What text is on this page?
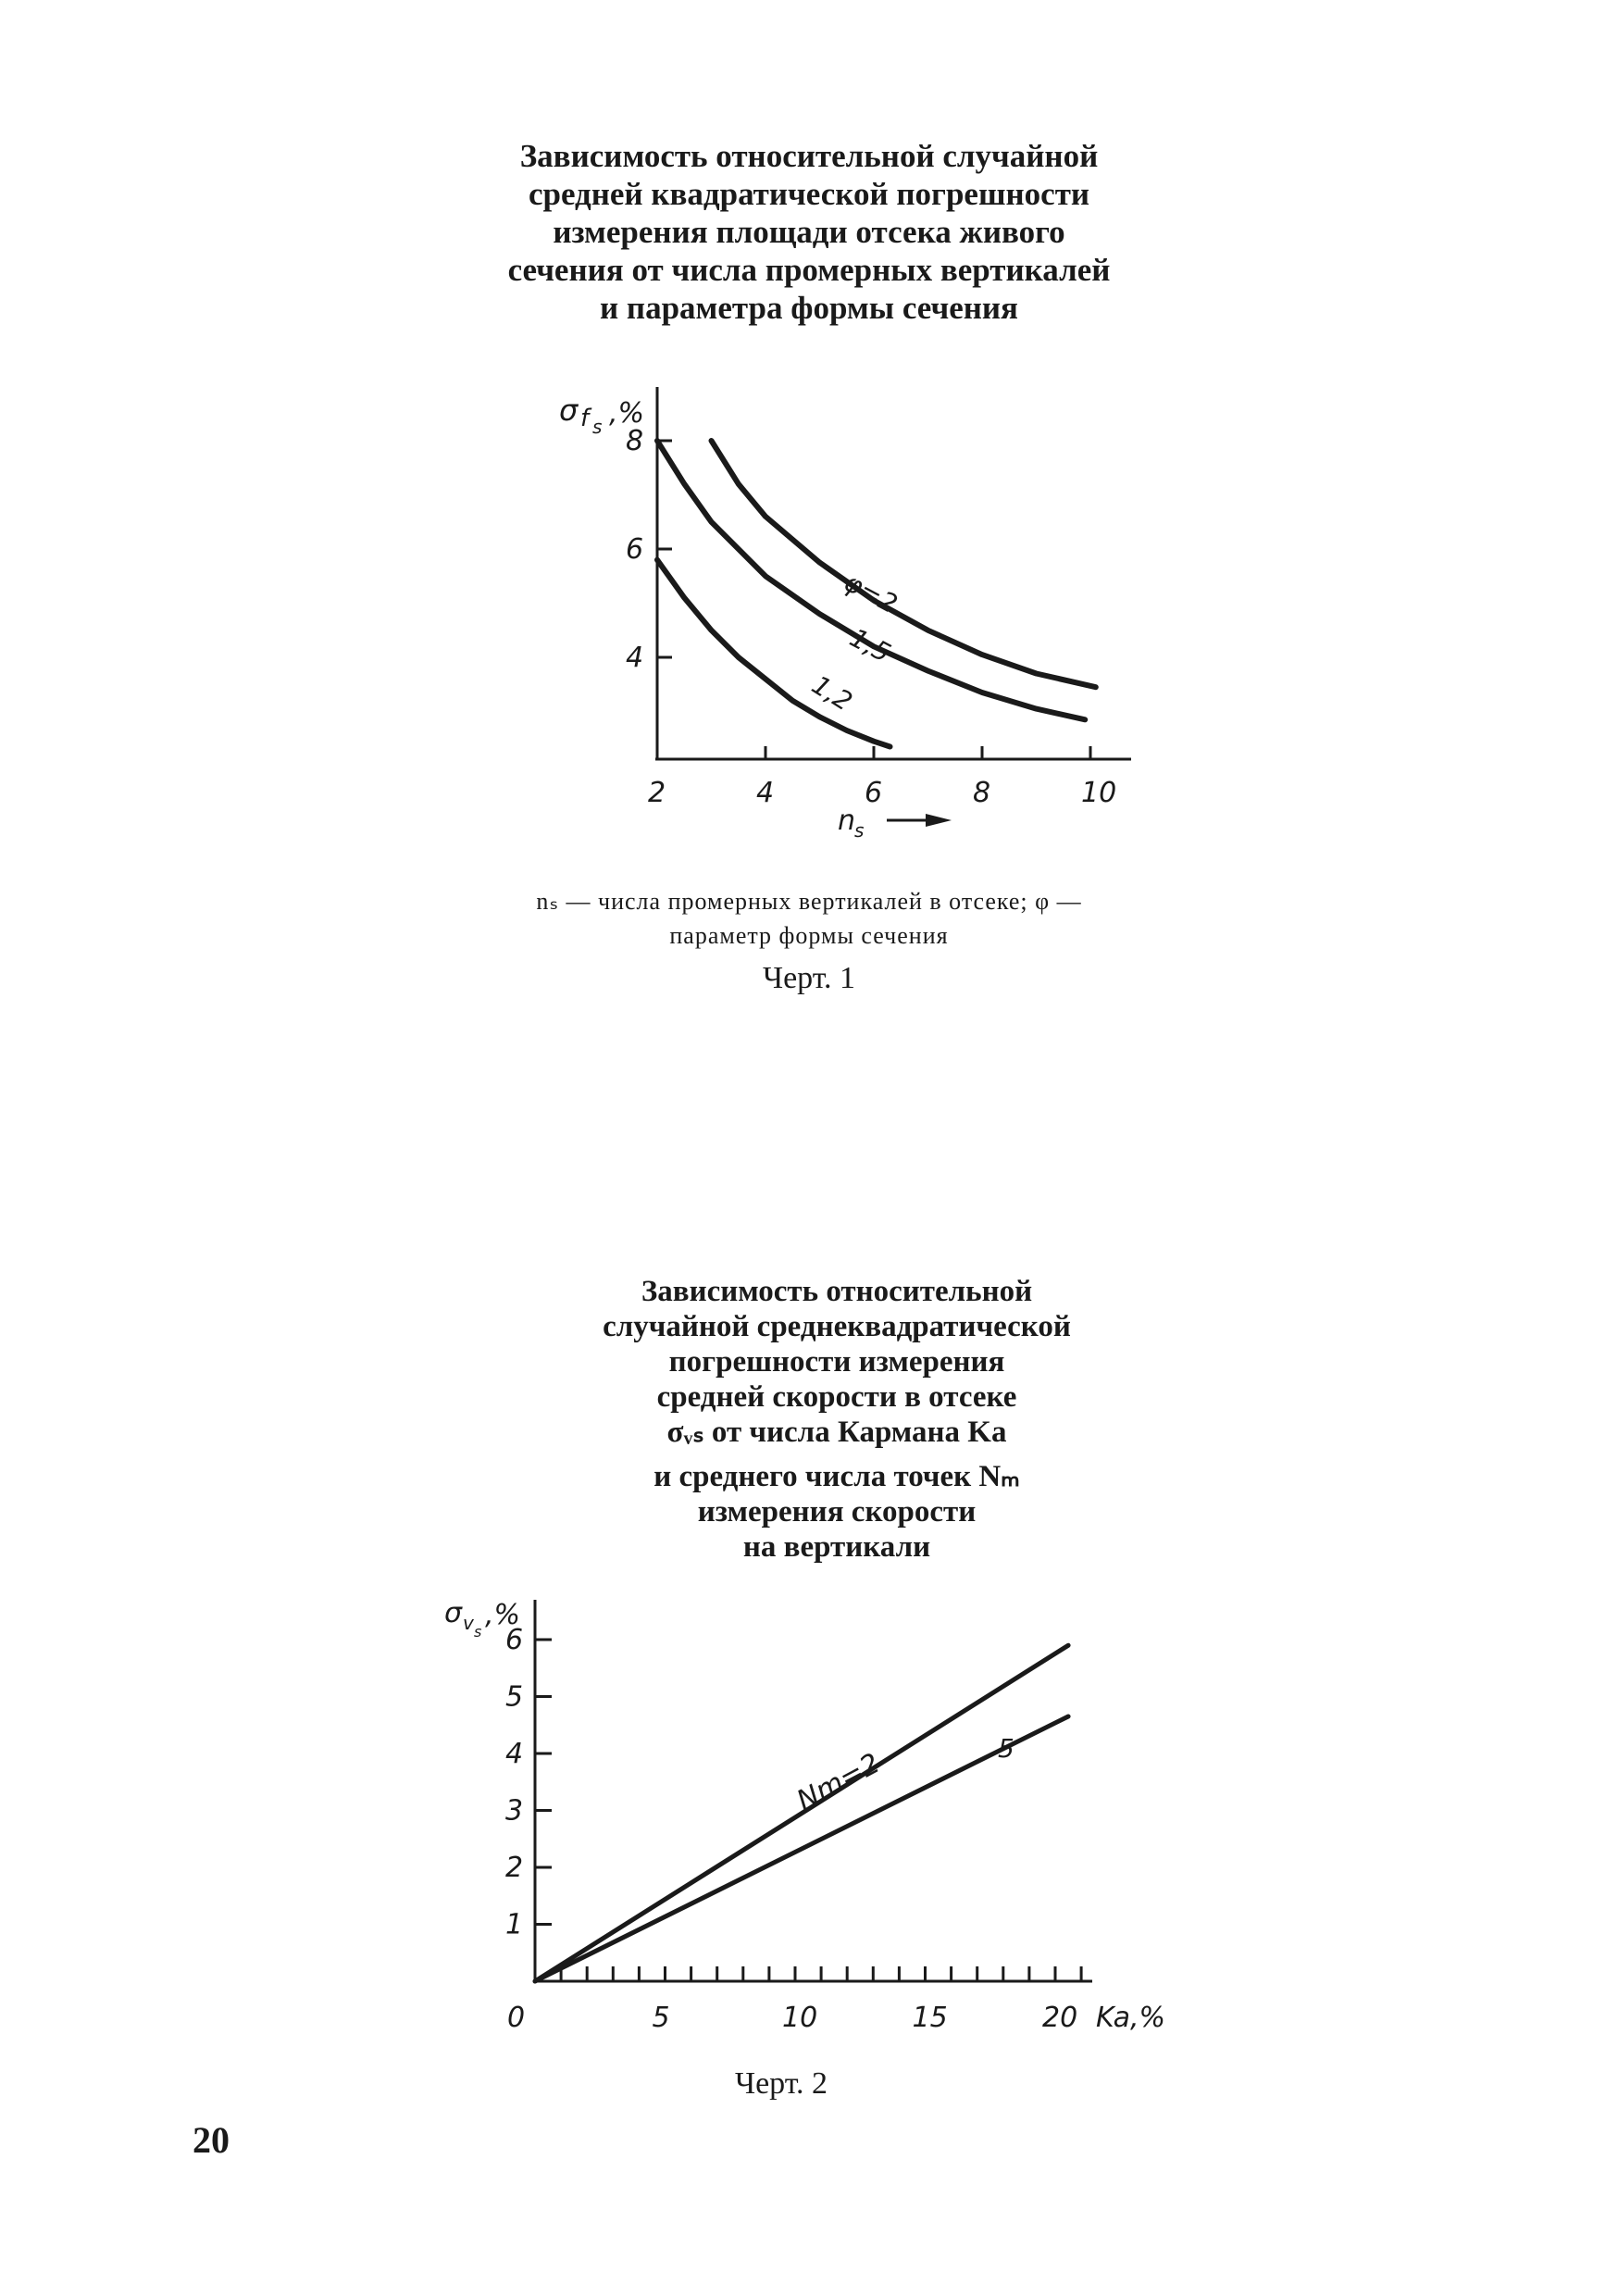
Зависимость относительной случайной
средней квадратической погрешности
измерения площади отсека живого
сечения от числа промерных вертикалей
и параметра формы сечения
σ f s ,%
n
s
2	4	6	8	10
4
6
8
φ=2
1,5
1,2
nₛ — числа промерных вертикалей в отсеке; φ —
параметр формы сечения
Черт. 1
Зависимость относительной
случайной среднеквадратической
погрешности измерения
средней скорости в отсеке
σᵥₛ от числа Кармана Ka
и среднего числа точек Nₘ
измерения скорости
на вертикали
σ v s
,%
Ka,%
0	5	10	15	20
1
2
3
4
5
6
Nm=2	5
Черт. 2
20
